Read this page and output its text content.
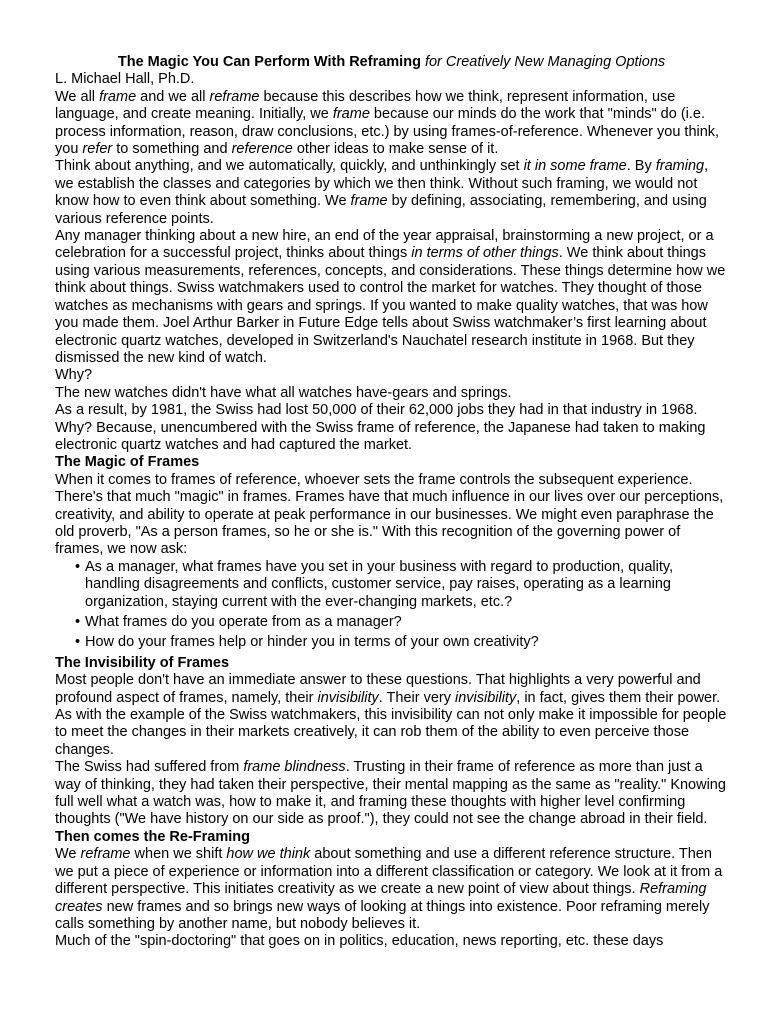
The Magic You Can Perform With Reframing for Creatively New Managing Options

L. Michael Hall, Ph.D.

We all frame and we all reframe because this describes how we think, represent information, use language, and create meaning. Initially, we frame because our minds do the work that "minds" do (i.e. process information, reason, draw conclusions, etc.) by using frames-of-reference. Whenever you think, you refer to something and reference other ideas to make sense of it.

Think about anything, and we automatically, quickly, and unthinkingly set it in some frame. By framing, we establish the classes and categories by which we then think. Without such framing, we would not know how to even think about something. We frame by defining, associating, remembering, and using various reference points.

Any manager thinking about a new hire, an end of the year appraisal, brainstorming a new project, or a celebration for a successful project, thinks about things in terms of other things. We think about things using various measurements, references, concepts, and considerations. These things determine how we think about things. Swiss watchmakers used to control the market for watches. They thought of those watches as mechanisms with gears and springs. If you wanted to make quality watches, that was how you made them. Joel Arthur Barker in Future Edge tells about Swiss watchmaker’s first learning about electronic quartz watches, developed in Switzerland's Nauchatel research institute in 1968. But they dismissed the new kind of watch.

Why?

The new watches didn't have what all watches have-gears and springs.

As a result, by 1981, the Swiss had lost 50,000 of their 62,000 jobs they had in that industry in 1968. Why? Because, unencumbered with the Swiss frame of reference, the Japanese had taken to making electronic quartz watches and had captured the market.

The Magic of Frames

When it comes to frames of reference, whoever sets the frame controls the subsequent experience. There's that much "magic" in frames. Frames have that much influence in our lives over our perceptions, creativity, and ability to operate at peak performance in our businesses. We might even paraphrase the old proverb, "As a person frames, so he or she is." With this recognition of the governing power of frames, we now ask:

• As a manager, what frames have you set in your business with regard to production, quality, handling disagreements and conflicts, customer service, pay raises, operating as a learning organization, staying current with the ever-changing markets, etc.?
• What frames do you operate from as a manager?
• How do your frames help or hinder you in terms of your own creativity?
The Invisibility of Frames

Most people don't have an immediate answer to these questions. That highlights a very powerful and profound aspect of frames, namely, their invisibility. Their very invisibility, in fact, gives them their power. As with the example of the Swiss watchmakers, this invisibility can not only make it impossible for people to meet the changes in their markets creatively, it can rob them of the ability to even perceive those changes.

The Swiss had suffered from frame blindness. Trusting in their frame of reference as more than just a way of thinking, they had taken their perspective, their mental mapping as the same as "reality." Knowing full well what a watch was, how to make it, and framing these thoughts with higher level confirming thoughts ("We have history on our side as proof."), they could not see the change abroad in their field.

Then comes the Re-Framing

We reframe when we shift how we think about something and use a different reference structure. Then we put a piece of experience or information into a different classification or category. We look at it from a different perspective. This initiates creativity as we create a new point of view about things. Reframing creates new frames and so brings new ways of looking at things into existence. Poor reframing merely calls something by another name, but nobody believes it.

Much of the "spin-doctoring" that goes on in politics, education, news reporting, etc. these days
